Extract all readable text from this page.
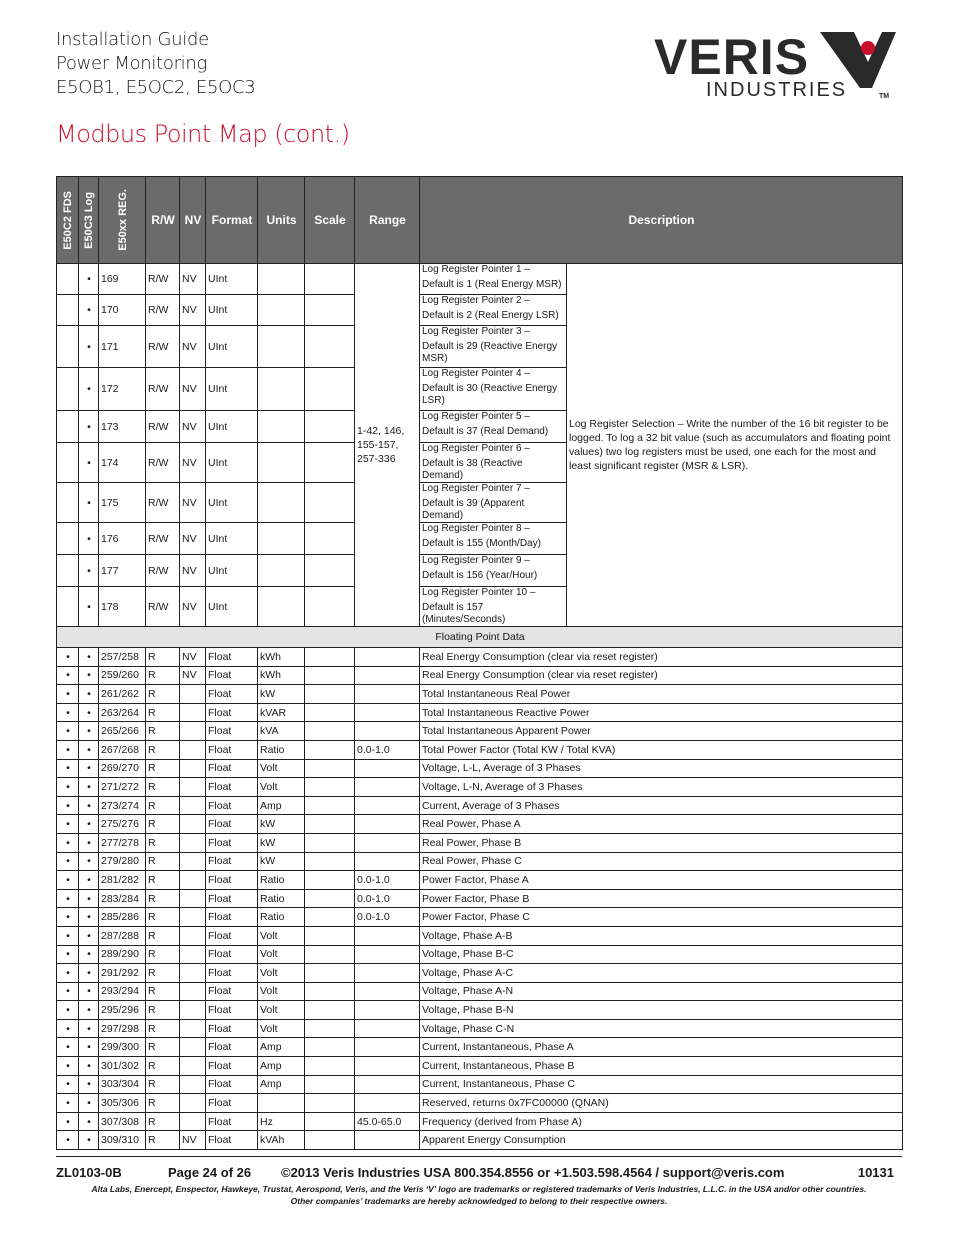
Installation Guide
Power Monitoring
E5OB1, E5OC2, E5OC3
VERIS
INDUSTRIES	TM
Modbus Point Map (cont.)
E50C2 FDS	E50C3 Log	E50xx REG.	R/W	NV	Format	Units	Scale	Range	Description	
	•	169	R/W	NV	UInt			1-42, 146, 155-157, 257-336	Log Register Pointer 1 –
Default is 1 (Real Energy MSR)	Log Register Selection – Write the number of the 16 bit register to be logged. To log a 32 bit value (such as accumulators and floating point values) two log registers must be used, one each for the most and least significant register (MSR & LSR).
	•	170	R/W	NV	UInt				Log Register Pointer 2 –
Default is 2 (Real Energy LSR)	

	•	171	R/W	NV	UInt				Log Register Pointer 3 –
Default is 29 (Reactive Energy MSR)	

	•	172	R/W	NV	UInt				Log Register Pointer 4 –
Default is 30 (Reactive Energy LSR)	

	•	173	R/W	NV	UInt				Log Register Pointer 5 –
Default is 37 (Real Demand)	

	•	174	R/W	NV	UInt				Log Register Pointer 6 –
Default is 38 (Reactive Demand)	

	•	175	R/W	NV	UInt				Log Register Pointer 7 –
Default is 39 (Apparent Demand)	

	•	176	R/W	NV	UInt				Log Register Pointer 8 –
Default is 155 (Month/Day)	

	•	177	R/W	NV	UInt				Log Register Pointer 9 –
Default is 156 (Year/Hour)	

	•	178	R/W	NV	UInt				Log Register Pointer 10 –
Default is 157 (Minutes/Seconds)	

Floating Point Data										
•	•	257/258	R	NV	Float	kWh			Real Energy Consumption (clear via reset register)	
•	•	259/260	R	NV	Float	kWh			Real Energy Consumption (clear via reset register)	
•	•	261/262	R		Float	kW			Total Instantaneous Real Power	
•	•	263/264	R		Float	kVAR			Total Instantaneous Reactive Power	
•	•	265/266	R		Float	kVA			Total Instantaneous Apparent Power	
•	•	267/268	R		Float	Ratio		0.0-1.0	Total Power Factor (Total KW / Total KVA)	
•	•	269/270	R		Float	Volt			Voltage, L-L, Average of 3 Phases	
•	•	271/272	R		Float	Volt			Voltage, L-N, Average of 3 Phases	
•	•	273/274	R		Float	Amp			Current, Average of 3 Phases	
•	•	275/276	R		Float	kW			Real Power, Phase A	
•	•	277/278	R		Float	kW			Real Power, Phase B	
•	•	279/280	R		Float	kW			Real Power, Phase C	
•	•	281/282	R		Float	Ratio		0.0-1.0	Power Factor, Phase A	
•	•	283/284	R		Float	Ratio		0.0-1.0	Power Factor, Phase B	
•	•	285/286	R		Float	Ratio		0.0-1.0	Power Factor, Phase C	
•	•	287/288	R		Float	Volt			Voltage, Phase A-B	
•	•	289/290	R		Float	Volt			Voltage, Phase B-C	
•	•	291/292	R		Float	Volt			Voltage, Phase A-C	
•	•	293/294	R		Float	Volt			Voltage, Phase A-N	
•	•	295/296	R		Float	Volt			Voltage, Phase B-N	
•	•	297/298	R		Float	Volt			Voltage, Phase C-N	
•	•	299/300	R		Float	Amp			Current, Instantaneous, Phase A	
•	•	301/302	R		Float	Amp			Current, Instantaneous, Phase B	
•	•	303/304	R		Float	Amp			Current, Instantaneous, Phase C	
•	•	305/306	R		Float				Reserved, returns 0x7FC00000 (QNAN)	
•	•	307/308	R		Float	Hz		45.0-65.0	Frequency (derived from Phase A)	
•	•	309/310	R	NV	Float	kVAh			Apparent Energy Consumption	
ZL0103-0B	Page 24 of 26 ©2013 Veris Industries USA 800.354.8556 or +1.503.598.4564 / support@veris.com	10131
Alta Labs, Enercept, Enspector, Hawkeye, Trustat, Aerospond, Veris, and the Veris ‘V’ logo are trademarks or registered trademarks of Veris Industries, L.L.C. in the USA and/or other countries.
Other companies’ trademarks are hereby acknowledged to belong to their respective owners.
